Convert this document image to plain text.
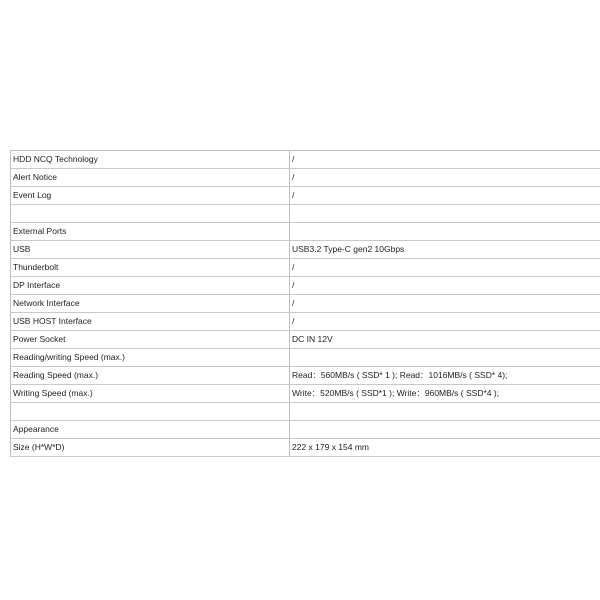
HDD NCQ Technology	/
Alert Notice	/
Event Log	/
External Ports
USB	USB3.2 Type-C gen2 10Gbps
Thunderbolt	/
DP Interface	/
Network Interface	/
USB HOST Interface	/
Power Socket	DC IN 12V
Reading/writing Speed (max.)
Reading Speed (max.)	Read：560MB/s ( SSD* 1 ); Read：1016MB/s ( SSD* 4);
Writing Speed (max.)	Write：520MB/s ( SSD*1 ); Write：960MB/s ( SSD*4 );
Appearance
Size (H*W*D)	222 x 179 x 154 mm
